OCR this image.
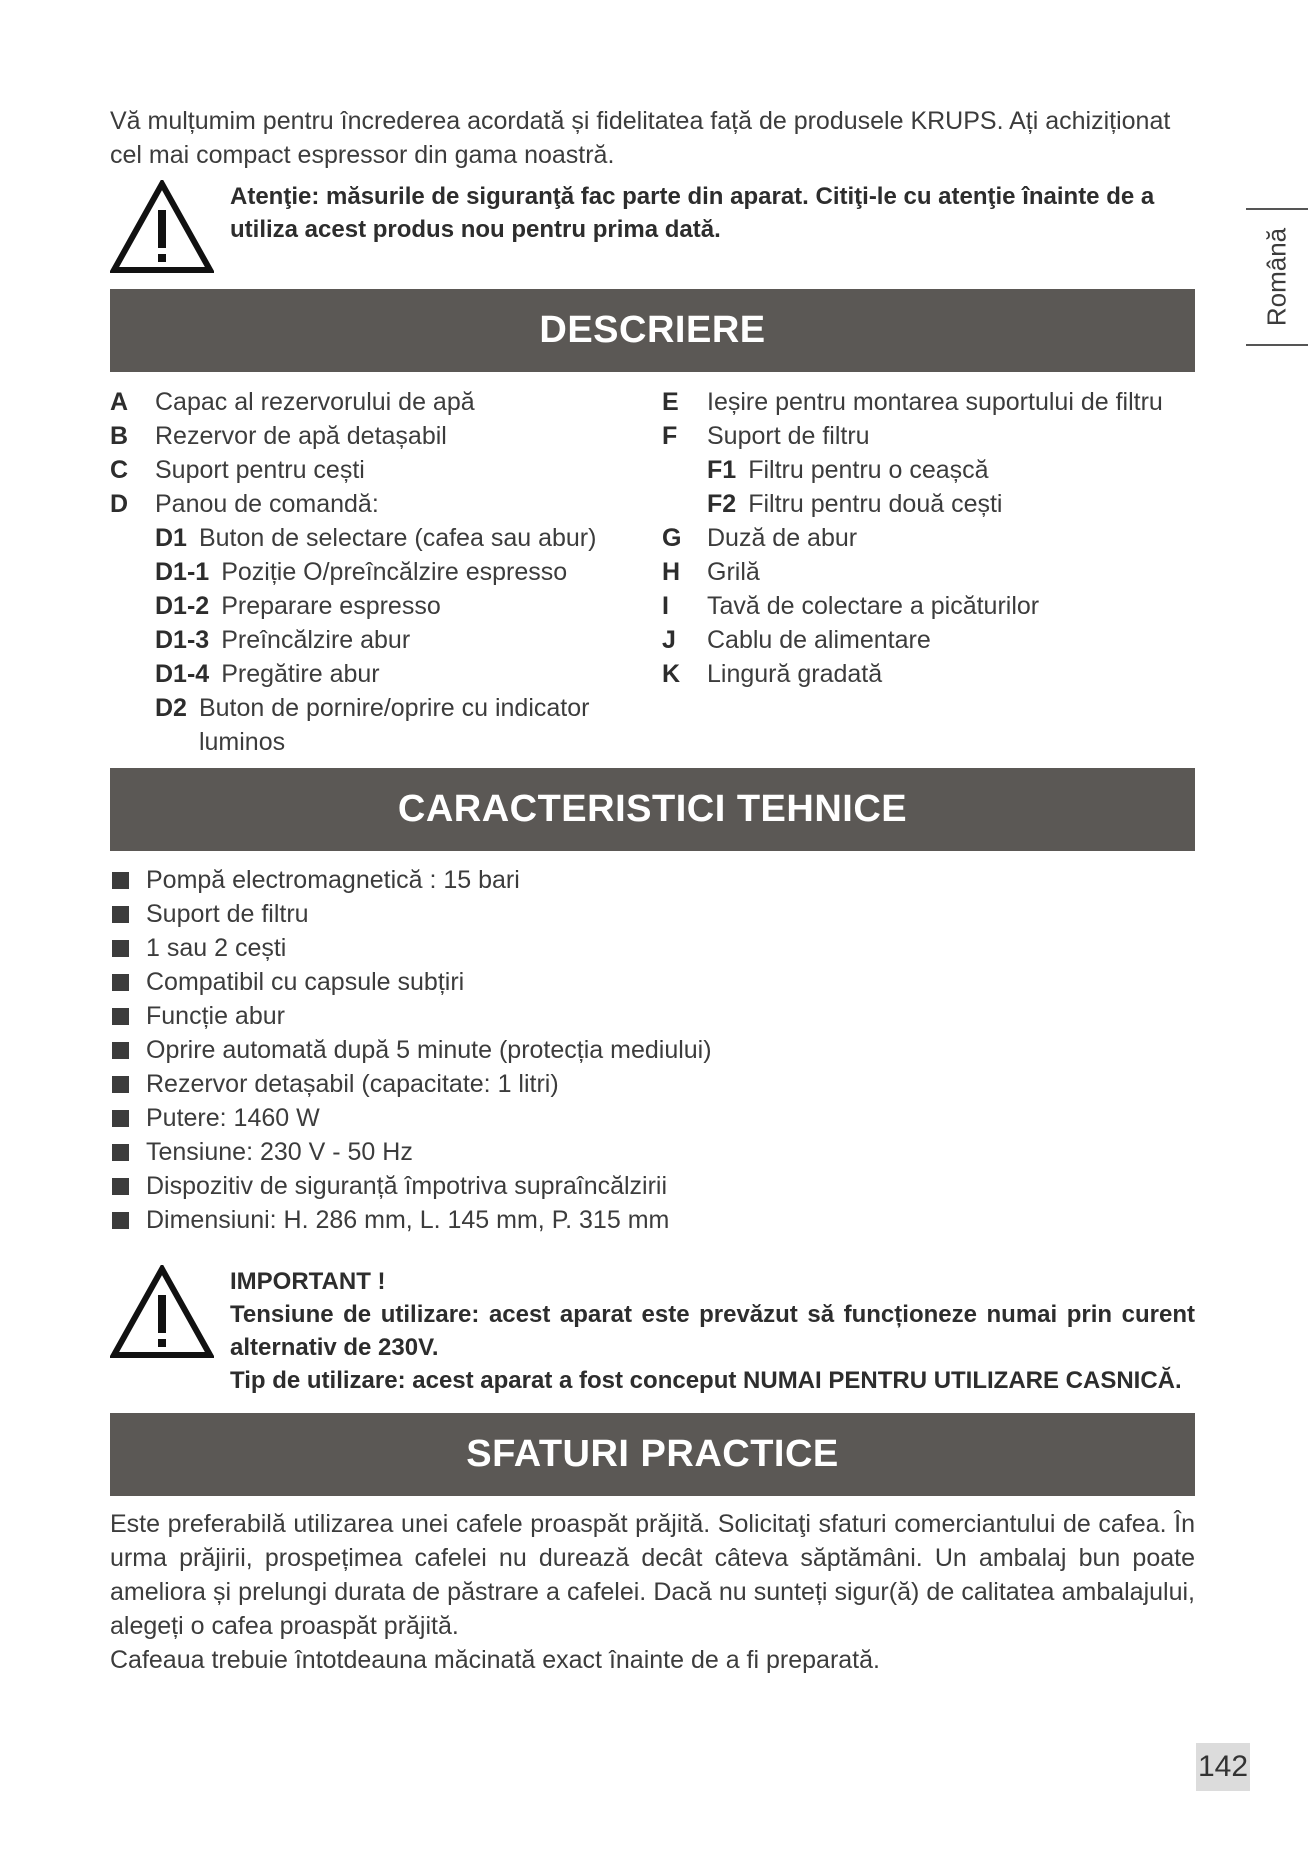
Vă mulțumim pentru încrederea acordată și fidelitatea față de produsele KRUPS. Ați achiziționat cel mai compact espressor din gama noastră.
Atenţie: măsurile de siguranţă fac parte din aparat. Citiţi-le cu atenţie înainte de a utiliza acest produs nou pentru prima dată.	Română
DESCRIERE
A	Capac al rezervorului de apă
B	Rezervor de apă detașabil
C	Suport pentru cești
D	Panou de comandă:
D1 Buton de selectare (cafea sau abur)
D1-1 Poziție O/preîncălzire espresso
D1-2 Preparare espresso
D1-3 Preîncălzire abur
D1-4 Pregătire abur
D2 Buton de pornire/oprire cu indicator luminos
E	Ieșire pentru montarea suportului de filtru
F	Suport de filtru
F1 Filtru pentru o ceașcă
F2 Filtru pentru două cești
G	Duză de abur
H	Grilă
I	Tavă de colectare a picăturilor
J	Cablu de alimentare
K	Lingură gradată
CARACTERISTICI TEHNICE
Pompă electromagnetică : 15 bari
Suport de filtru
1 sau 2 cești
Compatibil cu capsule subțiri
Funcție abur
Oprire automată după 5 minute (protecția mediului)
Rezervor detașabil (capacitate: 1 litri)
Putere: 1460 W
Tensiune: 230 V - 50 Hz
Dispozitiv de siguranță împotriva supraîncălzirii
Dimensiuni: H. 286 mm, L. 145 mm, P. 315 mm
IMPORTANT !
Tensiune de utilizare: acest aparat este prevăzut să funcționeze numai prin curent alternativ de 230V.
Tip de utilizare: acest aparat a fost conceput NUMAI PENTRU UTILIZARE CASNICĂ.
SFATURI PRACTICE

Este preferabilă utilizarea unei cafele proaspăt prăjită. Solicitaţi sfaturi comerciantului de cafea. În urma prăjirii, prospețimea cafelei nu durează decât câteva săptămâni. Un ambalaj bun poate ameliora și prelungi durata de păstrare a cafelei. Dacă nu sunteți sigur(ă) de calitatea ambalajului, alegeți o cafea proaspăt prăjită.

Cafeaua trebuie întotdeauna măcinată exact înainte de a fi preparată.

142
